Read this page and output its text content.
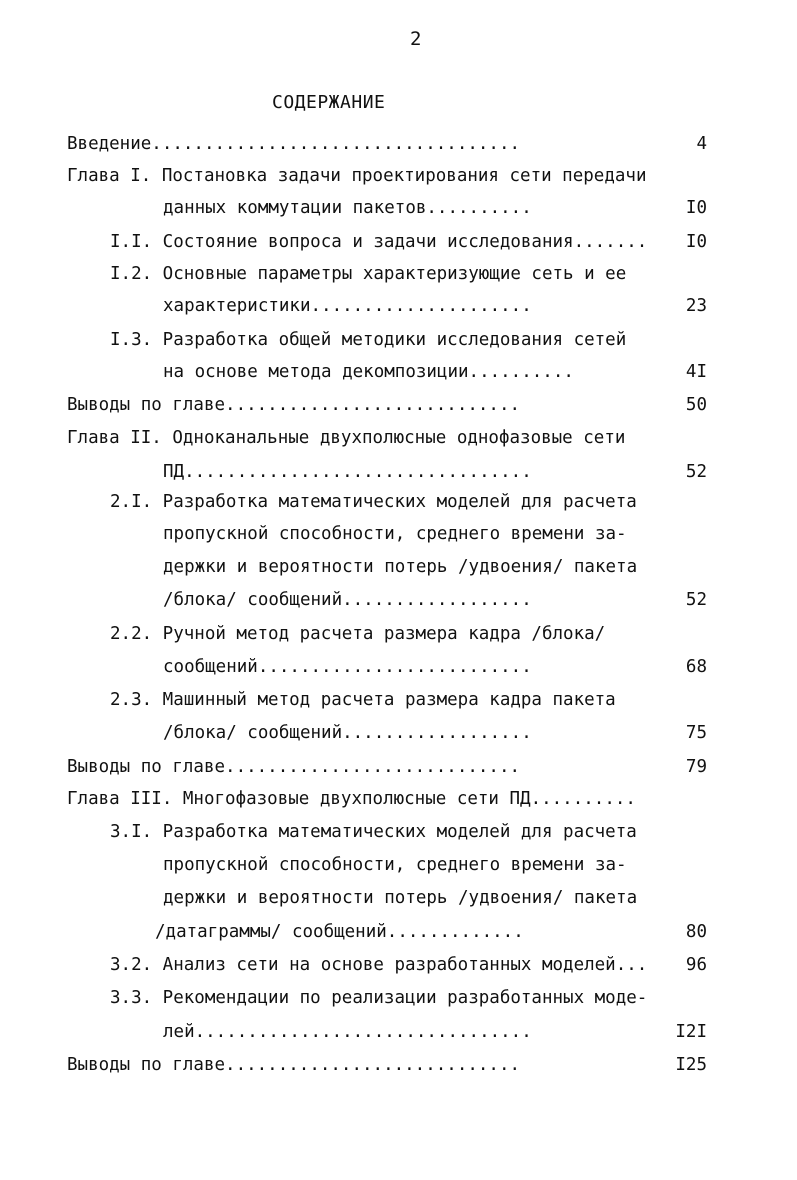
2
СОДЕРЖАНИЕ
Введение...................................	4
Глава I. Постановка задачи проектирования сети передачи
данных коммутации пакетов..........	I0
I.I. Состояние вопроса и задачи исследования....... I0
I.2. Основные параметры характеризующие сеть и ее
характеристики.....................	23
I.3. Разработка общей методики исследования сетей
на основе метода декомпозиции..........	4I
Выводы по главе............................	50
Глава II. Одноканальные двухполюсные однофазовые сети
ПД.................................	52
2.I. Разработка математических моделей для расчета
пропускной способности, среднего времени за-
держки и вероятности потерь /удвоения/ пакета
/блока/ сообщений..................	52
2.2. Ручной метод расчета размера кадра /блока/
сообщений..........................	68
2.3. Машинный метод расчета размера кадра пакета
/блока/ сообщений..................	75
Выводы по главе............................	79
Глава III. Многофазовые двухполюсные сети ПД..........
3.I. Разработка математических моделей для расчета
пропускной способности, среднего времени за-
держки и вероятности потерь /удвоения/ пакета
/датаграммы/ сообщений.............	80
3.2. Анализ сети на основе разработанных моделей... 96
3.3. Рекомендации по реализации разработанных моде-
лей................................	I2I
Выводы по главе............................	I25
